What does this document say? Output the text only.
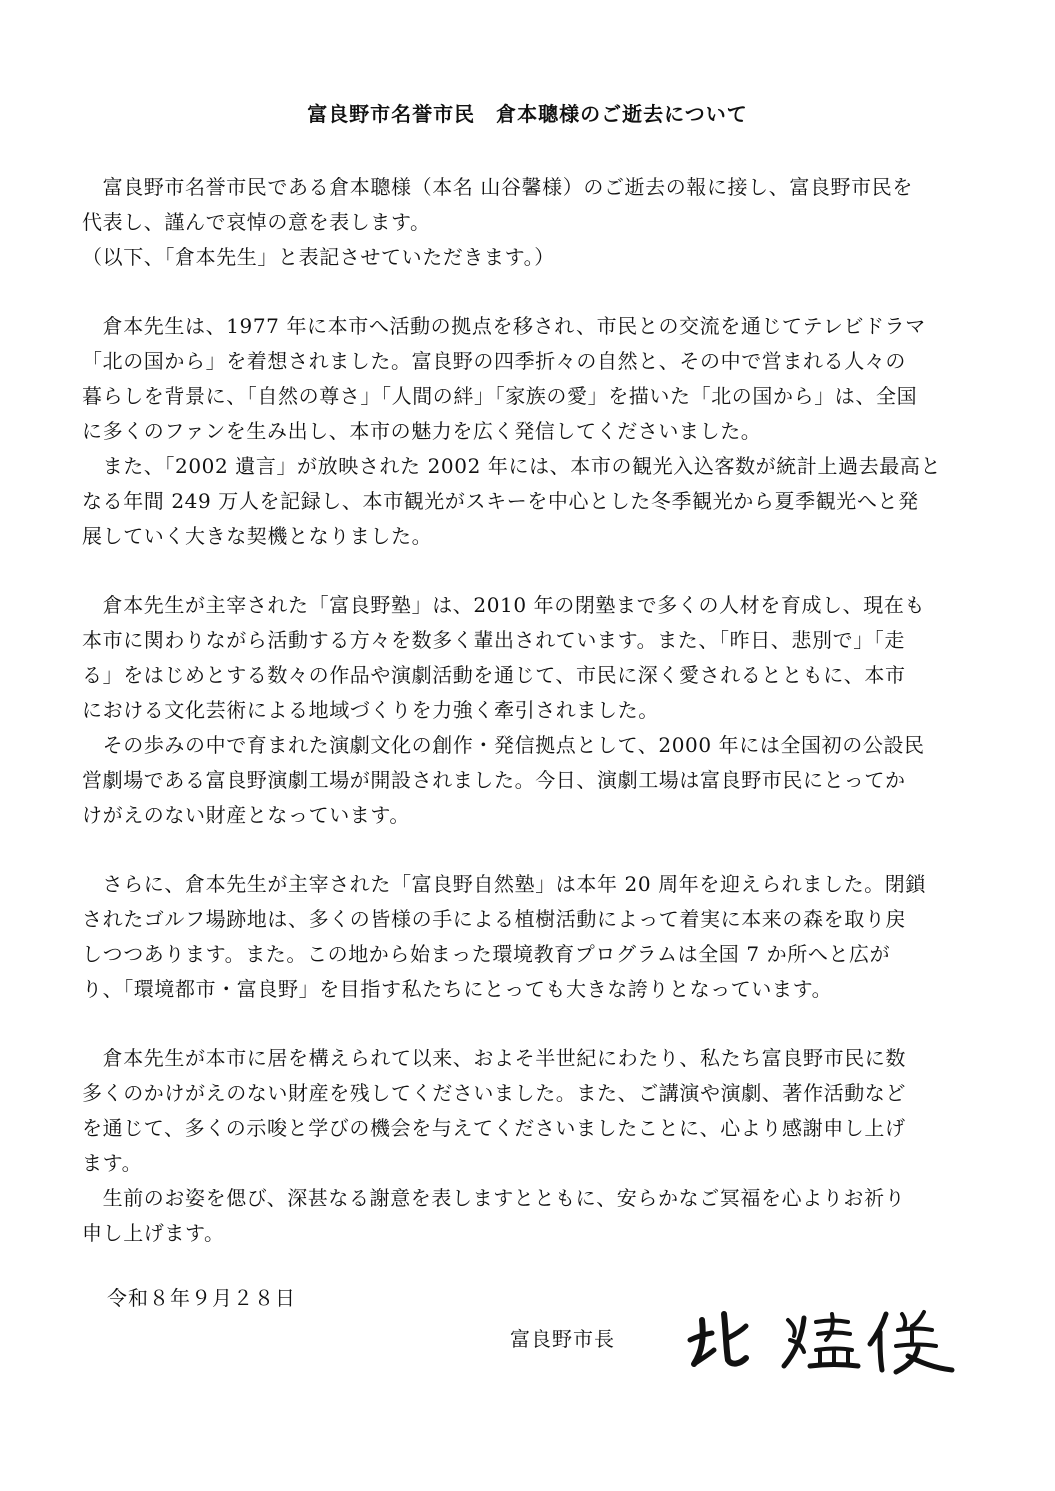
富良野市名誉市民　倉本聰様のご逝去について
　富良野市名誉市民である倉本聰様（本名 山谷馨様）のご逝去の報に接し、富良野市民を
代表し、謹んで哀悼の意を表します。
（以下、「倉本先生」と表記させていただきます。）
　倉本先生は、1977 年に本市へ活動の拠点を移され、市民との交流を通じてテレビドラマ
「北の国から」を着想されました。富良野の四季折々の自然と、その中で営まれる人々の
暮らしを背景に、「自然の尊さ」「人間の絆」「家族の愛」を描いた「北の国から」は、全国
に多くのファンを生み出し、本市の魅力を広く発信してくださいました。
　また、「2002 遺言」が放映された 2002 年には、本市の観光入込客数が統計上過去最高と
なる年間 249 万人を記録し、本市観光がスキーを中心とした冬季観光から夏季観光へと発
展していく大きな契機となりました。
　倉本先生が主宰された「富良野塾」は、2010 年の閉塾まで多くの人材を育成し、現在も
本市に関わりながら活動する方々を数多く輩出されています。また、「昨日、悲別で」「走
る」をはじめとする数々の作品や演劇活動を通じて、市民に深く愛されるとともに、本市
における文化芸術による地域づくりを力強く牽引されました。
　その歩みの中で育まれた演劇文化の創作・発信拠点として、2000 年には全国初の公設民
営劇場である富良野演劇工場が開設されました。今日、演劇工場は富良野市民にとってか
けがえのない財産となっています。
　さらに、倉本先生が主宰された「富良野自然塾」は本年 20 周年を迎えられました。閉鎖
されたゴルフ場跡地は、多くの皆様の手による植樹活動によって着実に本来の森を取り戻
しつつあります。また。この地から始まった環境教育プログラムは全国 7 か所へと広が
り、「環境都市・富良野」を目指す私たちにとっても大きな誇りとなっています。
　倉本先生が本市に居を構えられて以来、およそ半世紀にわたり、私たち富良野市民に数
多くのかけがえのない財産を残してくださいました。また、ご講演や演劇、著作活動など
を通じて、多くの示唆と学びの機会を与えてくださいましたことに、心より感謝申し上げ
ます。
　生前のお姿を偲び、深甚なる謝意を表しますとともに、安らかなご冥福を心よりお祈り
申し上げます。
令和８年９月２８日
富良野市長
